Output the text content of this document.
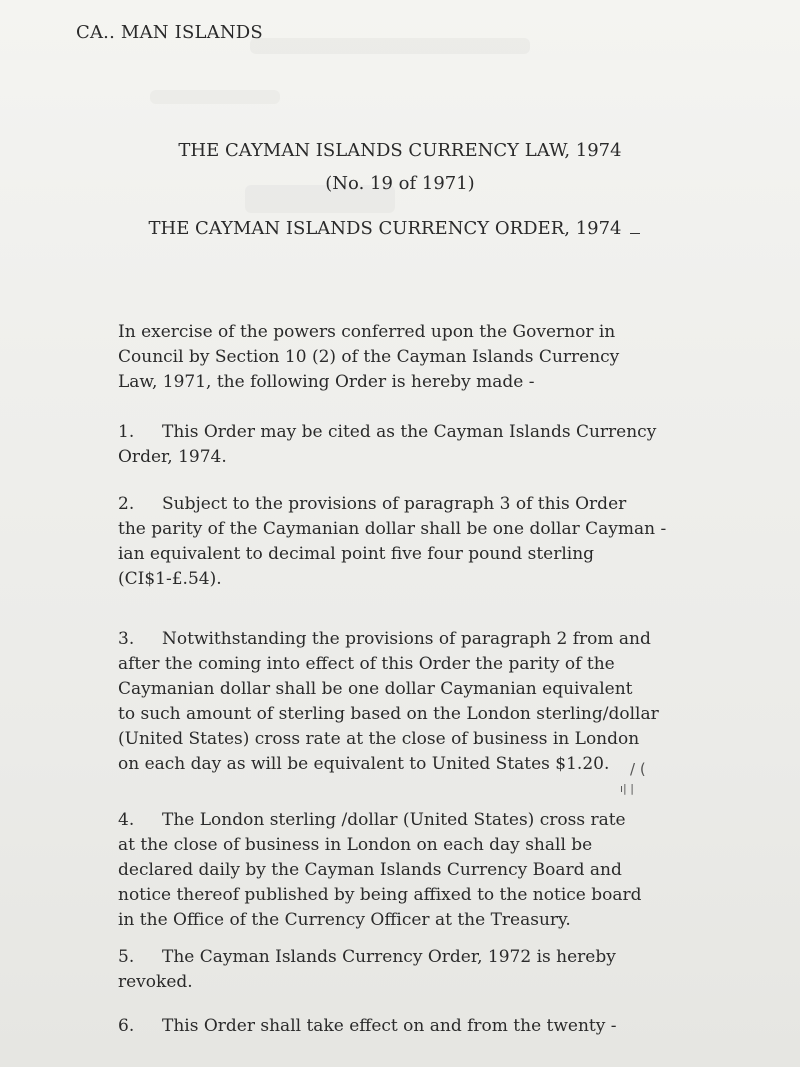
CA.. MAN ISLANDS
THE CAYMAN ISLANDS CURRENCY LAW, 1974
(No. 19 of 1971)
THE CAYMAN ISLANDS CURRENCY ORDER, 1974
In exercise of the powers conferred upon the Governor in
Council by Section 10 (2) of the Cayman Islands Currency
Law, 1971, the following Order is hereby made -
1. This Order may be cited as the Cayman Islands Currency
Order, 1974.
2. Subject to the provisions of paragraph 3 of this Order
the parity of the Caymanian dollar shall be one dollar Cayman -
ian equivalent to decimal point five four pound sterling
(CI$1-£.54).
3. Notwithstanding the provisions of paragraph 2 from and
after the coming into effect of this Order the parity of the
Caymanian dollar shall be one dollar Caymanian equivalent
to such amount of sterling based on the London sterling/dollar
(United States) cross rate at the close of business in London
on each day as will be equivalent to United States $1.20.	/ (
ı| |
4. The London sterling /dollar (United States) cross rate
at the close of business in London on each day shall be
declared daily by the Cayman Islands Currency Board and
notice thereof published by being affixed to the notice board
in the Office of the Currency Officer at the Treasury.
5. The Cayman Islands Currency Order, 1972 is hereby
revoked.
6. This Order shall take effect on and from the twenty -
